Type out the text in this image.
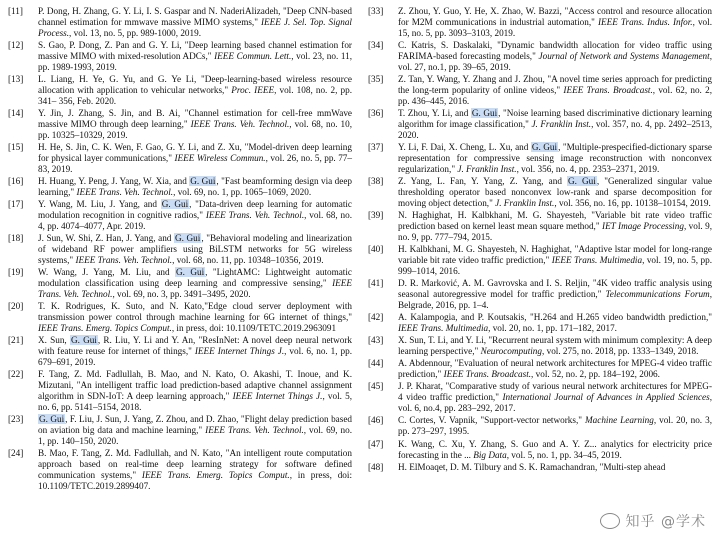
[11]	P. Dong, H. Zhang, G. Y. Li, I. S. Gaspar and N. NaderiAlizadeh, "Deep CNN-based channel estimation for mmwave massive MIMO systems," IEEE J. Sel. Top. Signal Process., vol. 13, no. 5, pp. 989-1000, 2019.
[12]	S. Gao, P. Dong, Z. Pan and G. Y. Li, "Deep learning based channel estimation for massive MIMO with mixed-resolution ADCs," IEEE Commun. Lett., vol. 23, no. 11, pp. 1989-1993, 2019.
[13]	L. Liang, H. Ye, G. Yu, and G. Ye Li, "Deep-learning-based wireless resource allocation with application to vehicular networks," Proc. IEEE, vol. 108, no. 2, pp. 341– 356, Feb. 2020.
[14]	Y. Jin, J. Zhang, S. Jin, and B. Ai, "Channel estimation for cell-free mmWave massive MIMO through deep learning," IEEE Trans. Veh. Technol., vol. 68, no. 10, pp. 10325–10329, 2019.
[15]	H. He, S. Jin, C. K. Wen, F. Gao, G. Y. Li, and Z. Xu, "Model-driven deep learning for physical layer communications," IEEE Wireless Commun., vol. 26, no. 5, pp. 77–83, 2019.
[16]	H. Huang, Y. Peng, J. Yang, W. Xia, and G. Gui, "Fast beamforming design via deep learning," IEEE Trans. Veh. Technol., vol. 69, no. 1, pp. 1065–1069, 2020.
[17]	Y. Wang, M. Liu, J. Yang, and G. Gui, "Data-driven deep learning for automatic modulation recognition in cognitive radios," IEEE Trans. Veh. Technol., vol. 68, no. 4, pp. 4074–4077, Apr. 2019.
[18]	J. Sun, W. Shi, Z. Han, J. Yang, and G. Gui, "Behavioral modeling and linearization of wideband RF power amplifiers using BiLSTM networks for 5G wireless systems," IEEE Trans. Veh. Technol., vol. 68, no. 11, pp. 10348–10356, 2019.
[19]	W. Wang, J. Yang, M. Liu, and G. Gui, "LightAMC: Lightweight automatic modulation classification using deep learning and compressive sensing," IEEE Trans. Veh. Technol., vol. 69, no. 3, pp. 3491–3495, 2020.
[20]	T. K. Rodrigues, K. Suto, and N. Kato,"Edge cloud server deployment with transmission power control through machine learning for 6G internet of things," IEEE Trans. Emerg. Topics Comput., in press, doi: 10.1109/TETC.2019.2963091
[21]	X. Sun, G. Gui, R. Liu, Y. Li and Y. An, "ResInNet: A novel deep neural network with feature reuse for internet of things," IEEE Internet Things J., vol. 6, no. 1, pp. 679–691, 2019.
[22]	F. Tang, Z. Md. Fadlullah, B. Mao, and N. Kato, O. Akashi, T. Inoue, and K. Mizutani, "An intelligent traffic load prediction-based adaptive channel assignment algorithm in SDN-IoT: A deep learning approach," IEEE Internet Things J., vol. 5, no. 6, pp. 5141–5154, 2018.
[23]	G. Gui, F. Liu, J. Sun, J. Yang, Z. Zhou, and D. Zhao, "Flight delay prediction based on aviation big data and machine learning," IEEE Trans. Veh. Technol., vol. 69, no. 1, pp. 140–150, 2020.
[24]	B. Mao, F. Tang, Z. Md. Fadlullah, and N. Kato, "An intelligent route computation approach based on real-time deep learning strategy for software defined communication systems," IEEE Trans. Emerg. Topics Comput., in press, doi: 10.1109/TETC.2019.2899407.
[33]	Z. Zhou, Y. Guo, Y. He, X. Zhao, W. Bazzi, "Access control and resource allocation for M2M communications in industrial automation," IEEE Trans. Indus. Infor., vol. 15, no. 5, pp. 3093–3103, 2019.
[34]	C. Katris, S. Daskalaki, "Dynamic bandwidth allocation for video traffic using FARIMA-based forecasting models," Journal of Network and Systems Management, vol. 27, no.1, pp. 39–65, 2019.
[35]	Z. Tan, Y. Wang, Y. Zhang and J. Zhou, "A novel time series approach for predicting the long-term popularity of online videos," IEEE Trans. Broadcast., vol. 62, no. 2, pp. 436–445, 2016.
[36]	T. Zhou, Y. Li, and G. Gui, "Noise learning based discriminative dictionary learning algorithm for image classification," J. Franklin Inst., vol. 357, no. 4, pp. 2492–2513, 2020.
[37]	Y. Li, F. Dai, X. Cheng, L. Xu, and G. Gui, "Multiple-prespecified-dictionary sparse representation for compressive sensing image reconstruction with nonconvex regularization," J. Franklin Inst., vol. 356, no. 4, pp. 2353–2371, 2019.
[38]	Z. Yang, L. Fan, Y. Yang, Z. Yang, and G. Gui, "Generalized singular value thresholding operator based nonconvex low-rank and sparse decomposition for moving object detection," J. Franklin Inst., vol. 356, no. 16, pp. 10138–10154, 2019.
[39]	N. Haghighat, H. Kalbkhani, M. G. Shayesteh, "Variable bit rate video traffic prediction based on kernel least mean square method," IET Image Processing, vol. 9, no. 9, pp. 777–794, 2015.
[40]	H. Kalbkhani, M. G. Shayesteh, N. Haghighat, "Adaptive lstar model for long-range variable bit rate video traffic prediction," IEEE Trans. Multimedia, vol. 19, no. 5, pp. 999–1014, 2016.
[41]	D. R. Marković, A. M. Gavrovska and I. S. Reljin, "4K video traffic analysis using seasonal autoregressive model for traffic prediction," Telecommunications Forum, Belgrade, 2016, pp. 1–4.
[42]	A. Kalampogia, and P. Koutsakis, "H.264 and H.265 video bandwidth prediction," IEEE Trans. Multimedia, vol. 20, no. 1, pp. 171–182, 2017.
[43]	X. Sun, T. Li, and Y. Li, "Recurrent neural system with minimum complexity: A deep learning perspective," Neurocomputing, vol. 275, no. 2018, pp. 1333–1349, 2018.
[44]	A. Abdennour, "Evaluation of neural network architectures for MPEG-4 video traffic prediction," IEEE Trans. Broadcast., vol. 52, no. 2, pp. 184–192, 2006.
[45]	J. P. Kharat, "Comparative study of various neural network architectures for MPEG-4 video traffic prediction," International Journal of Advances in Applied Sciences, vol. 6, no.4, pp. 283–292, 2017.
[46]	C. Cortes, V. Vapnik, "Support-vector networks," Machine Learning, vol. 20, no. 3, pp. 273–297, 1995.
[47]	K. Wang, C. Xu, Y. Zhang, S. Guo and A. Y. Z... analytics for electricity price forecasting in the ... Big Data, vol. 5, no. 1, pp. 34–45, 2019.
[48]	H. ElMoaqet, D. M. Tilbury and S. K. Ramachandran, "Multi-step ahead
知乎 @学术
